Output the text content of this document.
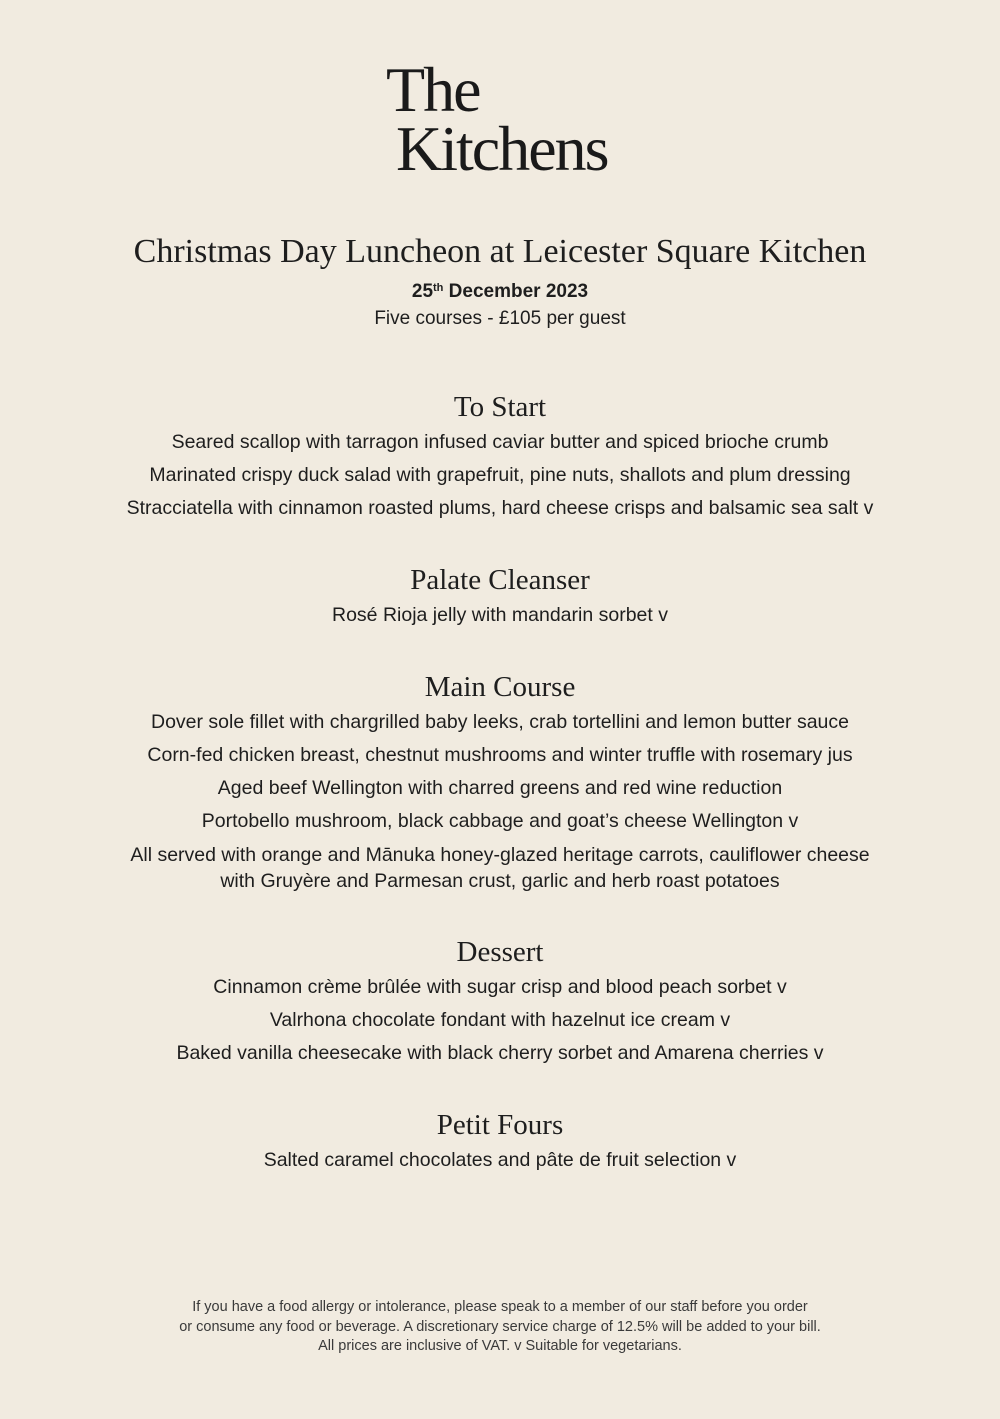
The
Kitchens
Christmas Day Luncheon at Leicester Square Kitchen
25th December 2023
Five courses - £105 per guest
To Start
Seared scallop with tarragon infused caviar butter and spiced brioche crumb
Marinated crispy duck salad with grapefruit, pine nuts, shallots and plum dressing
Stracciatella with cinnamon roasted plums, hard cheese crisps and balsamic sea salt v
Palate Cleanser
Rosé Rioja jelly with mandarin sorbet v
Main Course
Dover sole fillet with chargrilled baby leeks, crab tortellini and lemon butter sauce
Corn-fed chicken breast, chestnut mushrooms and winter truffle with rosemary jus
Aged beef Wellington with charred greens and red wine reduction
Portobello mushroom, black cabbage and goat’s cheese Wellington v
All served with orange and Mānuka honey-glazed heritage carrots, cauliflower cheese
with Gruyère and Parmesan crust, garlic and herb roast potatoes
Dessert
Cinnamon crème brûlée with sugar crisp and blood peach sorbet v
Valrhona chocolate fondant with hazelnut ice cream v
Baked vanilla cheesecake with black cherry sorbet and Amarena cherries v
Petit Fours
Salted caramel chocolates and pâte de fruit selection v
If you have a food allergy or intolerance, please speak to a member of our staff before you order
or consume any food or beverage. A discretionary service charge of 12.5% will be added to your bill.
All prices are inclusive of VAT. v Suitable for vegetarians.
